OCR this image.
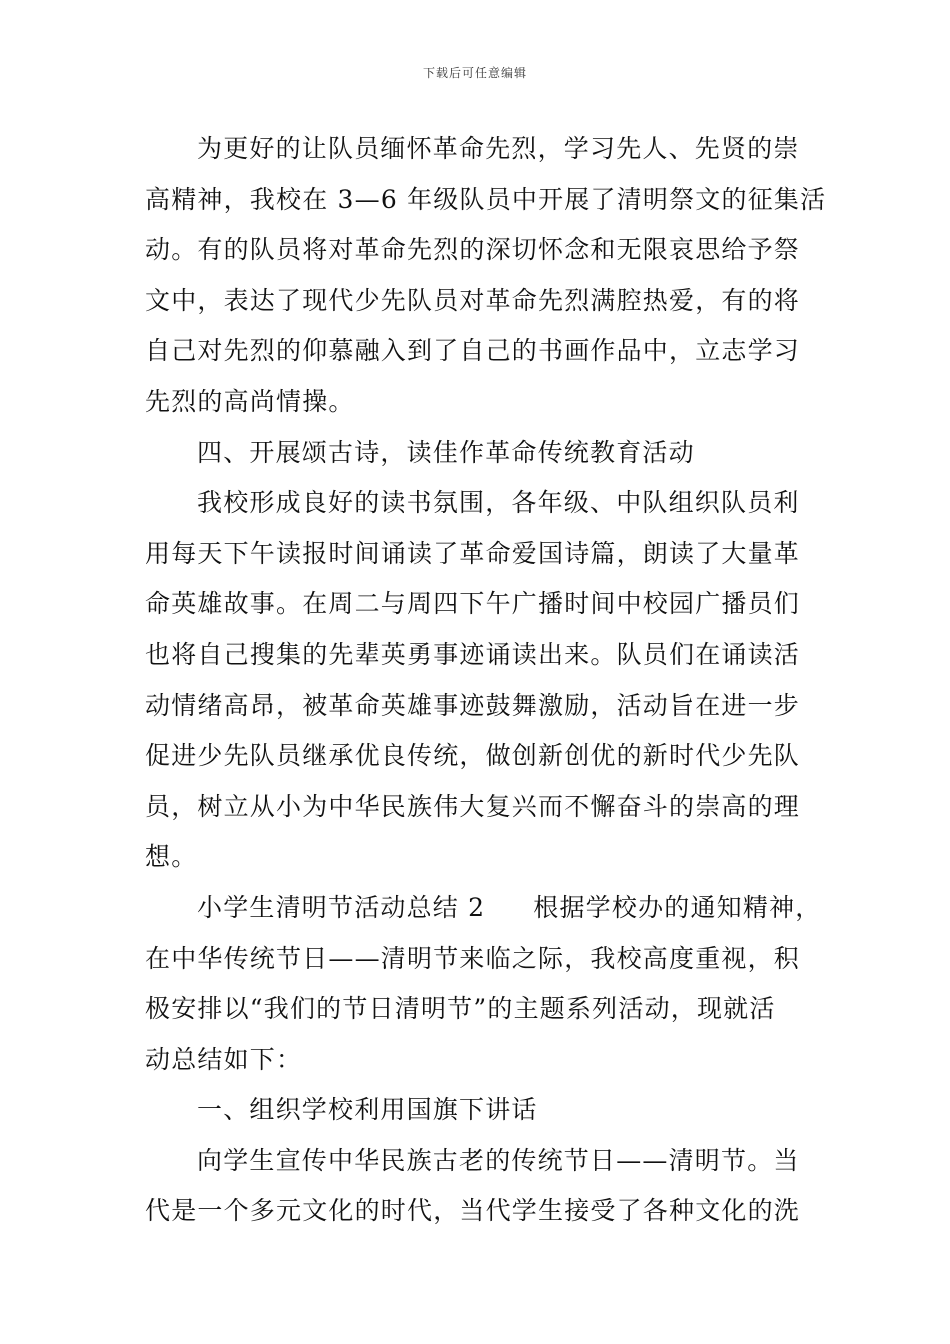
下载后可任意编辑
为更好的让队员缅怀革命先烈，学习先人、先贤的崇
高精神，我校在 3—6 年级队员中开展了清明祭文的征集活
动。有的队员将对革命先烈的深切怀念和无限哀思给予祭
文中，表达了现代少先队员对革命先烈满腔热爱，有的将
自己对先烈的仰慕融入到了自己的书画作品中，立志学习
先烈的高尚情操。
四、开展颂古诗，读佳作革命传统教育活动
我校形成良好的读书氛围，各年级、中队组织队员利
用每天下午读报时间诵读了革命爱国诗篇，朗读了大量革
命英雄故事。在周二与周四下午广播时间中校园广播员们
也将自己搜集的先辈英勇事迹诵读出来。队员们在诵读活
动情绪高昂，被革命英雄事迹鼓舞激励，活动旨在进一步
促进少先队员继承优良传统，做创新创优的新时代少先队
员，树立从小为中华民族伟大复兴而不懈奋斗的崇高的理
想。
小学生清明节活动总结 2 根据学校办的通知精神，
在中华传统节日——清明节来临之际，我校高度重视，积
极安排以“我们的节日清明节”的主题系列活动，现就活
动总结如下：
一、组织学校利用国旗下讲话
向学生宣传中华民族古老的传统节日——清明节。当
代是一个多元文化的时代，当代学生接受了各种文化的洗
